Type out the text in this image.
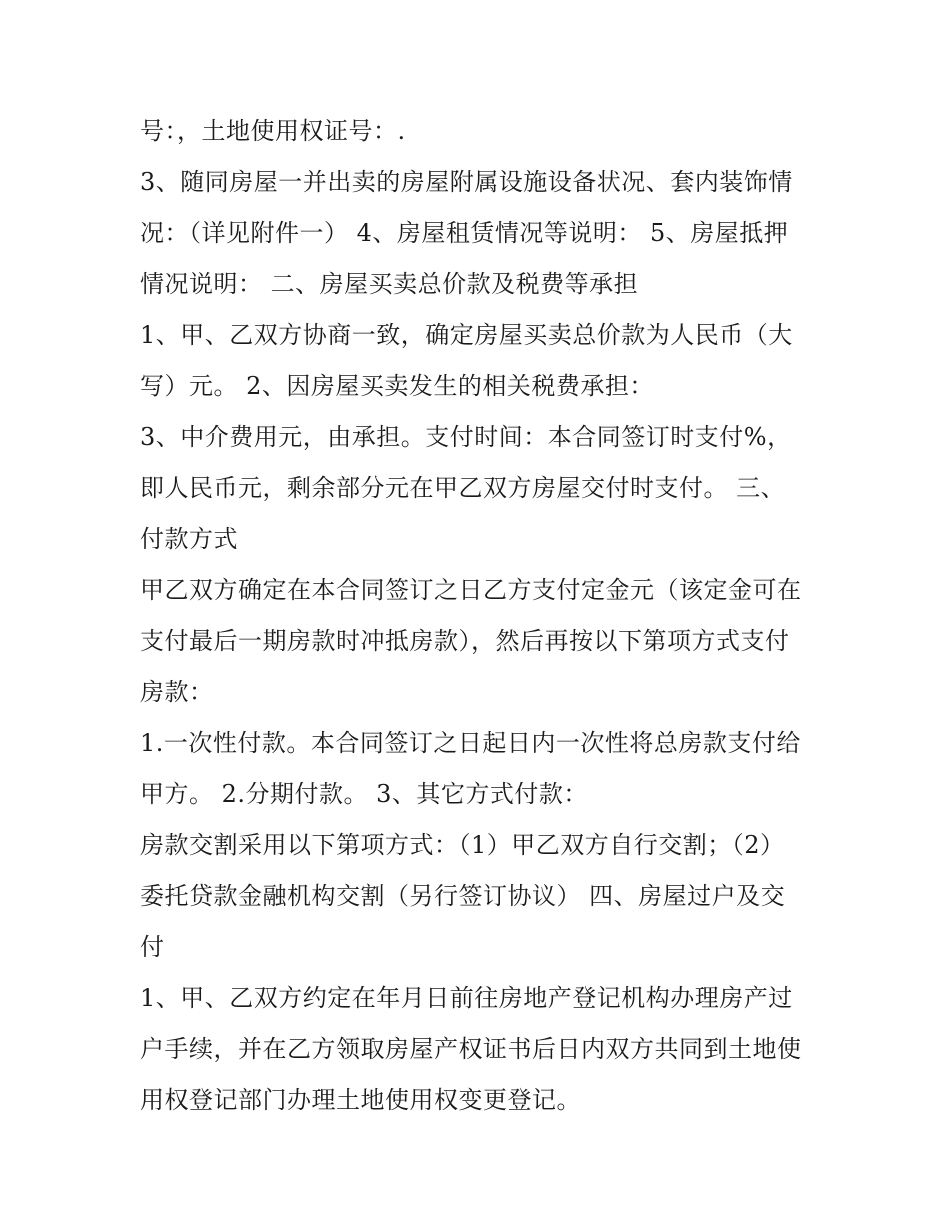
号：，土地使用权证号：.
3、随同房屋一并出卖的房屋附属设施设备状况、套内装饰情
况：（详见附件一） 4、房屋租赁情况等说明： 5、房屋抵押
情况说明： 二、房屋买卖总价款及税费等承担
1、甲、乙双方协商一致，确定房屋买卖总价款为人民币（大
写）元。 2、因房屋买卖发生的相关税费承担：
3、中介费用元，由承担。支付时间：本合同签订时支付%，
即人民币元，剩余部分元在甲乙双方房屋交付时支付。 三、
付款方式
甲乙双方确定在本合同签订之日乙方支付定金元（该定金可在
支付最后一期房款时冲抵房款），然后再按以下第项方式支付
房款：
1.一次性付款。本合同签订之日起日内一次性将总房款支付给
甲方。 2.分期付款。 3、其它方式付款：
房款交割采用以下第项方式：（1）甲乙双方自行交割；（2）
委托贷款金融机构交割（另行签订协议） 四、房屋过户及交
付
1、甲、乙双方约定在年月日前往房地产登记机构办理房产过
户手续，并在乙方领取房屋产权证书后日内双方共同到土地使
用权登记部门办理土地使用权变更登记。
